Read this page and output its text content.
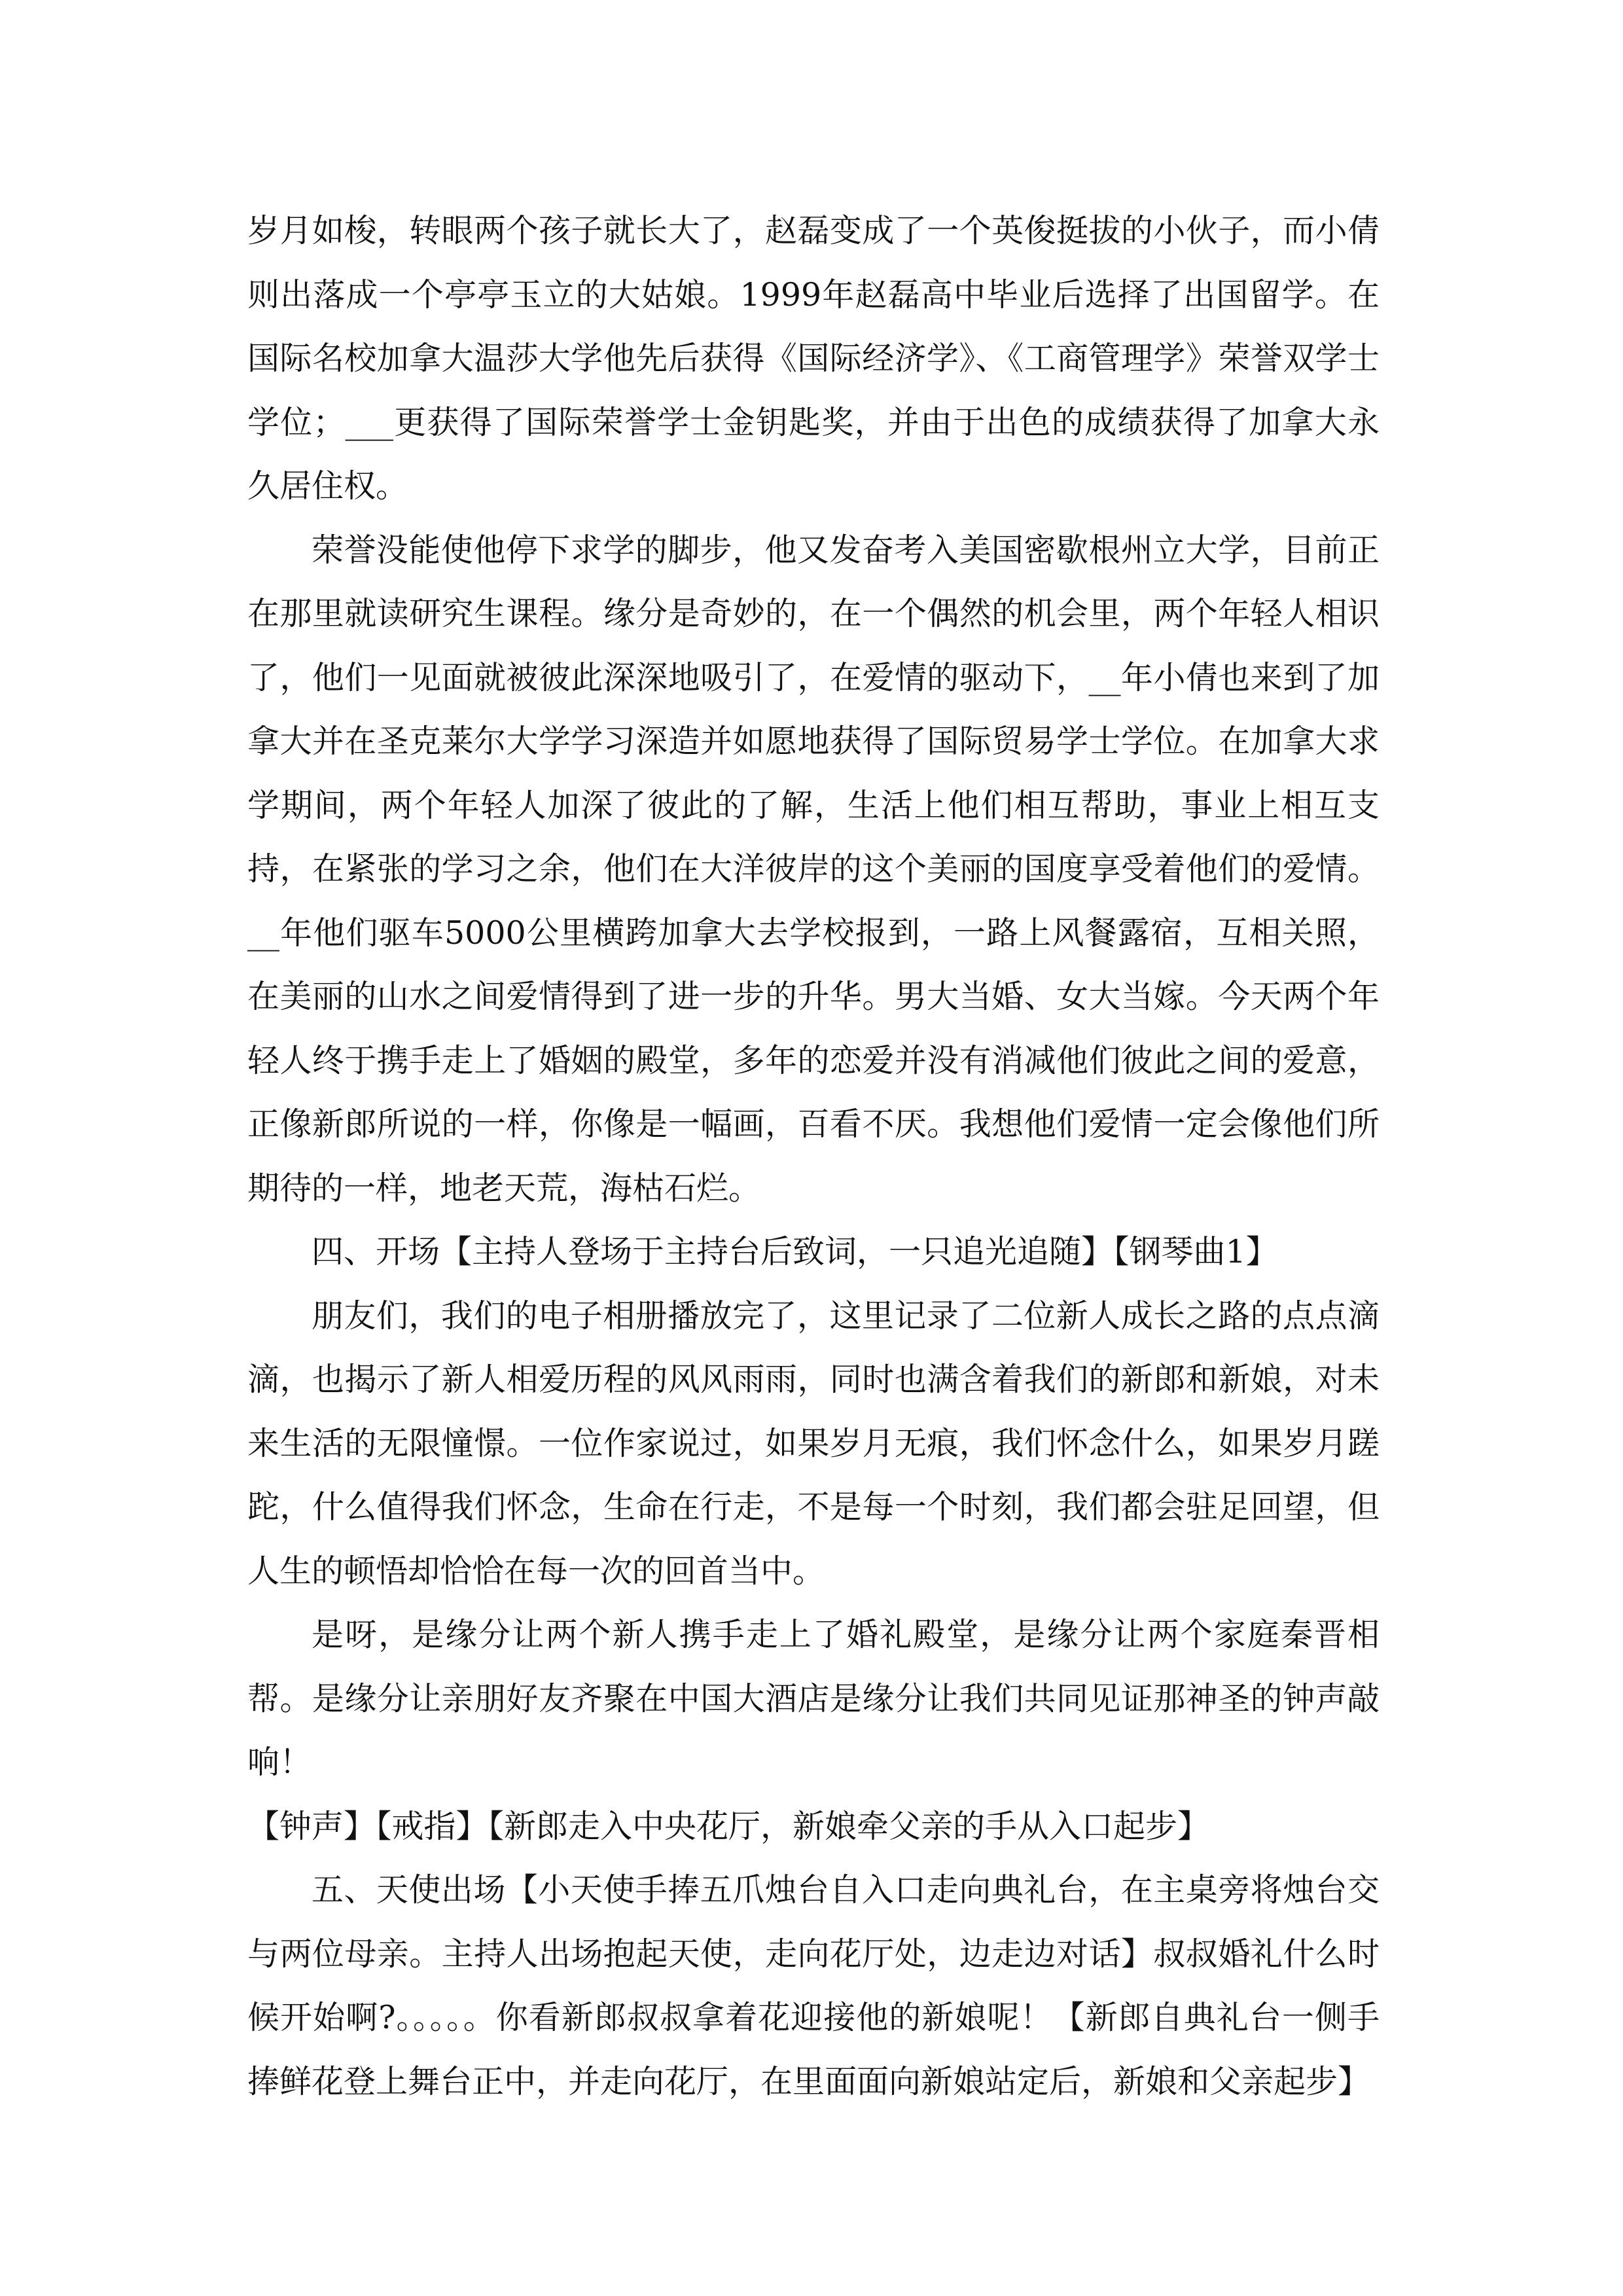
岁月如梭，转眼两个孩子就长大了，赵磊变成了一个英俊挺拔的小伙子，而小倩则出落成一个亭亭玉立的大姑娘。1999年赵磊高中毕业后选择了出国留学。在国际名校加拿大温莎大学他先后获得《国际经济学》、《工商管理学》荣誉双学士学位；___更获得了国际荣誉学士金钥匙奖，并由于出色的成绩获得了加拿大永久居住权。

荣誉没能使他停下求学的脚步，他又发奋考入美国密歇根州立大学，目前正在那里就读研究生课程。缘分是奇妙的，在一个偶然的机会里，两个年轻人相识了，他们一见面就被彼此深深地吸引了，在爱情的驱动下，__年小倩也来到了加拿大并在圣克莱尔大学学习深造并如愿地获得了国际贸易学士学位。在加拿大求学期间，两个年轻人加深了彼此的了解，生活上他们相互帮助，事业上相互支持，在紧张的学习之余，他们在大洋彼岸的这个美丽的国度享受着他们的爱情。__年他们驱车5000公里横跨加拿大去学校报到，一路上风餐露宿，互相关照，在美丽的山水之间爱情得到了进一步的升华。男大当婚、女大当嫁。今天两个年轻人终于携手走上了婚姻的殿堂，多年的恋爱并没有消减他们彼此之间的爱意，正像新郎所说的一样，你像是一幅画，百看不厌。我想他们爱情一定会像他们所期待的一样，地老天荒，海枯石烂。

四、开场【主持人登场于主持台后致词，一只追光追随】【钢琴曲1】

朋友们，我们的电子相册播放完了，这里记录了二位新人成长之路的点点滴滴，也揭示了新人相爱历程的风风雨雨，同时也满含着我们的新郎和新娘，对未来生活的无限憧憬。一位作家说过，如果岁月无痕，我们怀念什么，如果岁月蹉跎，什么值得我们怀念，生命在行走，不是每一个时刻，我们都会驻足回望，但人生的顿悟却恰恰在每一次的回首当中。

是呀，是缘分让两个新人携手走上了婚礼殿堂，是缘分让两个家庭秦晋相帮。是缘分让亲朋好友齐聚在中国大酒店是缘分让我们共同见证那神圣的钟声敲响！

【钟声】【戒指】【新郎走入中央花厅，新娘牵父亲的手从入口起步】

五、天使出场【小天使手捧五爪烛台自入口走向典礼台，在主桌旁将烛台交与两位母亲。主持人出场抱起天使，走向花厅处，边走边对话】叔叔婚礼什么时候开始啊?。。。。。你看新郎叔叔拿着花迎接他的新娘呢！【新郎自典礼台一侧手捧鲜花登上舞台正中，并走向花厅，在里面面向新娘站定后，新娘和父亲起步】
